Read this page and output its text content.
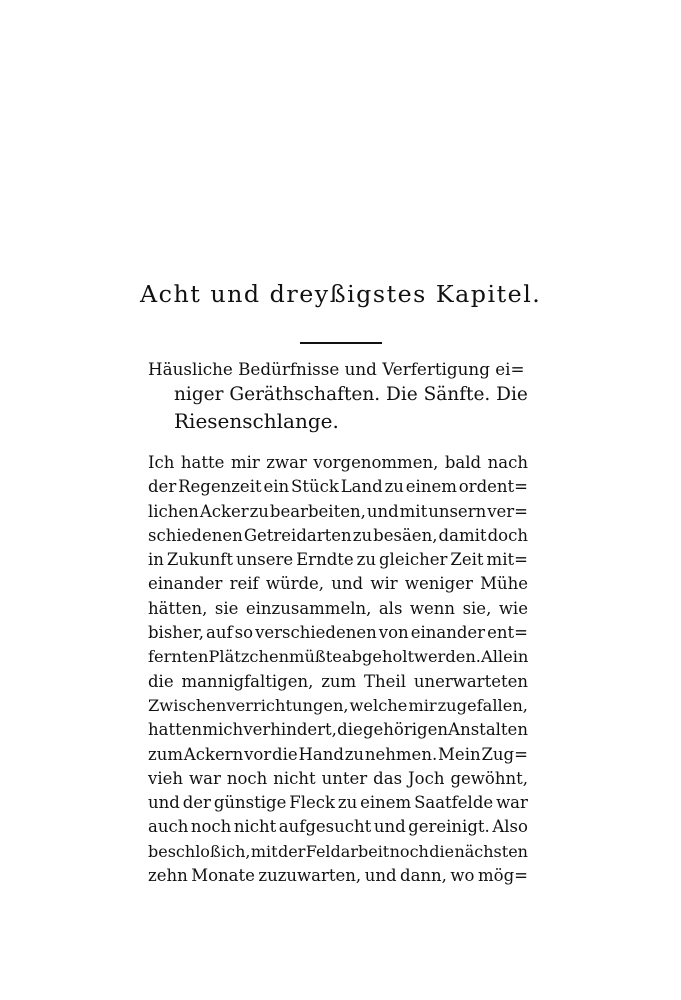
Acht und dreyßigstes Kapitel.
Häusliche Bedürfnisse und Verfertigung ei=
niger Geräthschaften. Die Sänfte. Die
Riesenschlange.
Ich hatte mir zwar vorgenommen, bald nach
der Regenzeit ein Stück Land zu einem ordent=
lichen Acker zu bearbeiten, und mit unsern ver=
schiedenen Getreidarten zu besäen, damit doch
in Zukunft unsere Erndte zu gleicher Zeit mit=
einander reif würde, und wir weniger Mühe
hätten, sie einzusammeln, als wenn sie, wie
bisher, auf so verschiedenen von einander ent=
fernten Plätzchen müßte abgeholt werden. Allein
die mannigfaltigen, zum Theil unerwarteten
Zwischenverrichtungen, welche mir zugefallen,
hatten mich verhindert, die gehörigen Anstalten
zum Ackern vor die Hand zu nehmen. Mein Zug=
vieh war noch nicht unter das Joch gewöhnt,
und der günstige Fleck zu einem Saatfelde war
auch noch nicht aufgesucht und gereinigt. Also
beschloß ich, mit der Feldarbeit noch die nächsten
zehn Monate zuzuwarten, und dann, wo mög=
